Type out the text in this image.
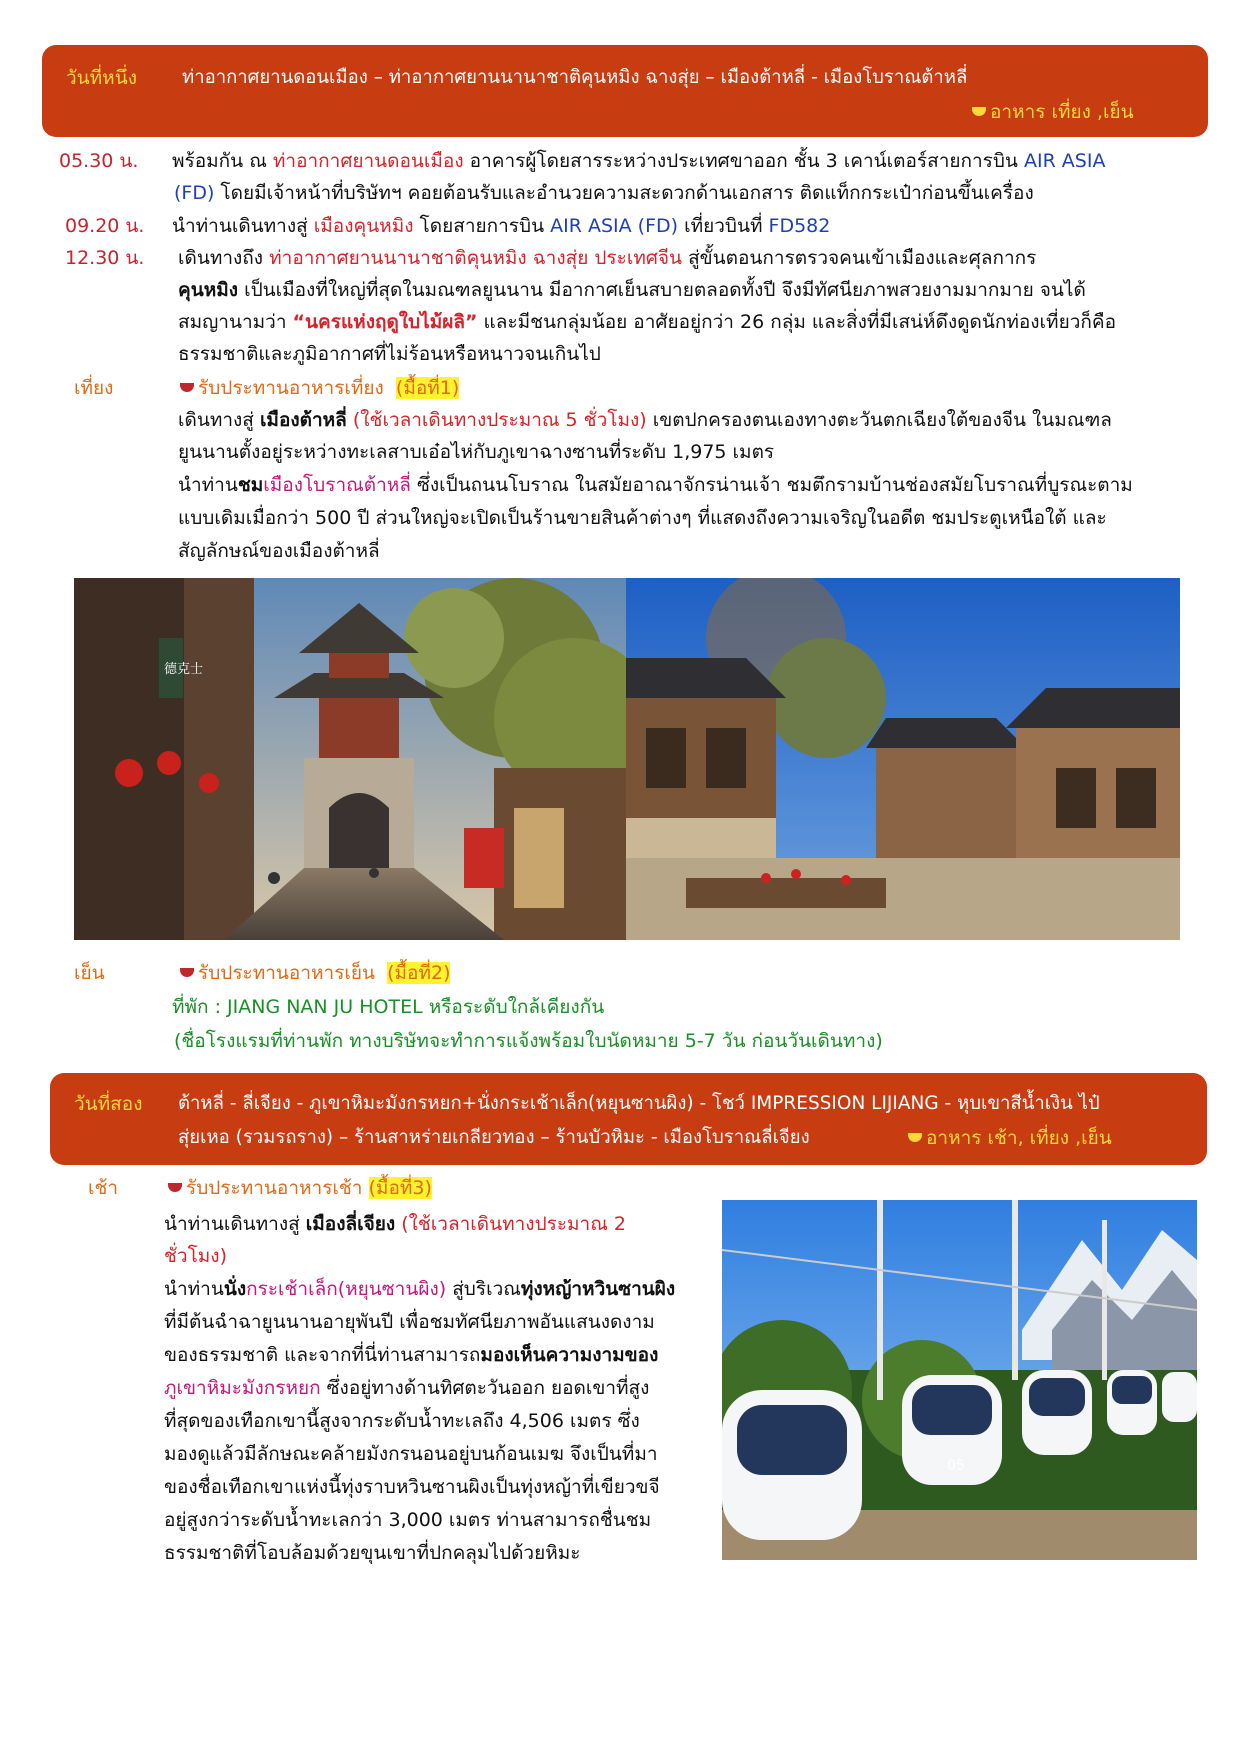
วันที่หนึ่ง ท่าอากาศยานดอนเมือง – ท่าอากาศยานนานาชาติคุนหมิง ฉางสุ่ย – เมืองต้าหลี่ - เมืองโบราณต้าหลี่
อาหาร เที่ยง ,เย็น
05.30 น. พร้อมกัน ณ ท่าอากาศยานดอนเมือง อาคารผู้โดยสารระหว่างประเทศขาออก ชั้น 3 เคาน์เตอร์สายการบิน AIR ASIA
(FD) โดยมีเจ้าหน้าที่บริษัทฯ คอยต้อนรับและอำนวยความสะดวกด้านเอกสาร ติดแท็กกระเป๋าก่อนขึ้นเครื่อง
09.20 น. นำท่านเดินทางสู่ เมืองคุนหมิง โดยสายการบิน AIR ASIA (FD) เที่ยวบินที่ FD582
12.30 น. เดินทางถึง ท่าอากาศยานนานาชาติคุนหมิง ฉางสุ่ย ประเทศจีน สู่ขั้นตอนการตรวจคนเข้าเมืองและศุลกากร
คุนหมิง เป็นเมืองที่ใหญ่ที่สุดในมณฑลยูนนาน มีอากาศเย็นสบายตลอดทั้งปี จึงมีทัศนียภาพสวยงามมากมาย จนได้
สมญานามว่า “นครแห่งฤดูใบไม้ผลิ” และมีชนกลุ่มน้อย อาศัยอยู่กว่า 26 กลุ่ม และสิ่งที่มีเสน่ห์ดึงดูดนักท่องเที่ยวก็คือ
ธรรมชาติและภูมิอากาศที่ไม่ร้อนหรือหนาวจนเกินไป
เที่ยง	รับประทานอาหารเที่ยง (มื้อที่1)
เดินทางสู่ เมืองต้าหลี่ (ใช้เวลาเดินทางประมาณ 5 ชั่วโมง) เขตปกครองตนเองทางตะวันตกเฉียงใต้ของจีน ในมณฑล
ยูนนานตั้งอยู่ระหว่างทะเลสาบเอ๋อไห่กับภูเขาฉางซานที่ระดับ 1,975 เมตร
นำท่านชมเมืองโบราณต้าหลี่ ซึ่งเป็นถนนโบราณ ในสมัยอาณาจักรน่านเจ้า ชมตึกรามบ้านช่องสมัยโบราณที่บูรณะตาม
แบบเดิมเมื่อกว่า 500 ปี ส่วนใหญ่จะเปิดเป็นร้านขายสินค้าต่างๆ ที่แสดงถึงความเจริญในอดีต ชมประตูเหนือใต้ และ
สัญลักษณ์ของเมืองต้าหลี่
德克士
เย็น	รับประทานอาหารเย็น (มื้อที่2)
ที่พัก : JIANG NAN JU HOTEL หรือระดับใกล้เคียงกัน
(ชื่อโรงแรมที่ท่านพัก ทางบริษัทจะทำการแจ้งพร้อมใบนัดหมาย 5-7 วัน ก่อนวันเดินทาง)
วันที่สอง ต้าหลี่ - ลี่เจียง - ภูเขาหิมะมังกรหยก+นั่งกระเช้าเล็ก(หยุนซานผิง) - โชว์ IMPRESSION LIJIANG - หุบเขาสีน้ำเงิน ไป๋
สุ่ยเหอ (รวมรถราง) – ร้านสาหร่ายเกลียวทอง – ร้านบัวหิมะ - เมืองโบราณลี่เจียง	อาหาร เช้า, เที่ยง ,เย็น
เช้า	รับประทานอาหารเช้า (มื้อที่3)
นำท่านเดินทางสู่ เมืองลี่เจียง (ใช้เวลาเดินทางประมาณ 2
ชั่วโมง)
นำท่านนั่งกระเช้าเล็ก(หยุนซานผิง) สู่บริเวณทุ่งหญ้าหวินซานผิง
ที่มีต้นฉำฉายูนนานอายุพันปี เพื่อชมทัศนียภาพอันแสนงดงาม
ของธรรมชาติ และจากที่นี่ท่านสามารถมองเห็นความงามของ
ภูเขาหิมะมังกรหยก ซึ่งอยู่ทางด้านทิศตะวันออก ยอดเขาที่สูง
ที่สุดของเทือกเขานี้สูงจากระดับน้ำทะเลถึง 4,506 เมตร ซึ่ง
มองดูแล้วมีลักษณะคล้ายมังกรนอนอยู่บนก้อนเมฆ จึงเป็นที่มา
ของชื่อเทือกเขาแห่งนี้ทุ่งราบหวินซานผิงเป็นทุ่งหญ้าที่เขียวขจี
อยู่สูงกว่าระดับน้ำทะเลกว่า 3,000 เมตร ท่านสามารถชื่นชม
ธรรมชาติที่โอบล้อมด้วยขุนเขาที่ปกคลุมไปด้วยหิมะ
05
